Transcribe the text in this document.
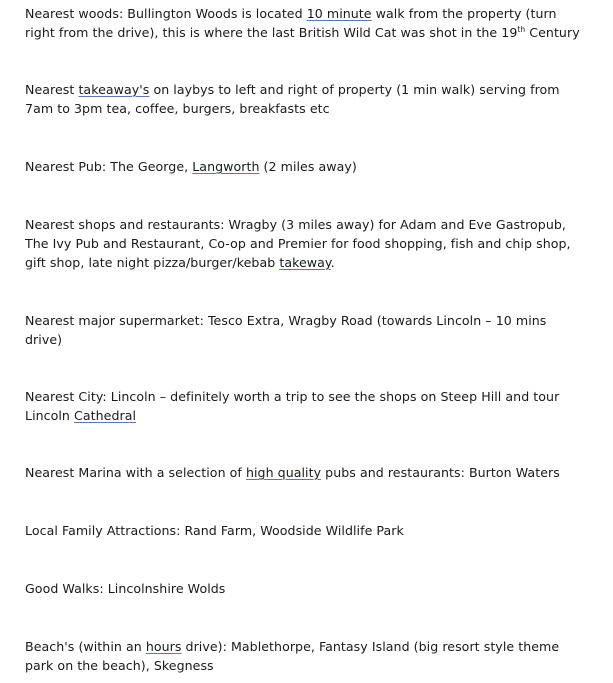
Nearest woods: Bullington Woods is located 10 minute walk from the property (turn
right from the drive), this is where the last British Wild Cat was shot in the 19th Century
Nearest takeaway's on laybys to left and right of property (1 min walk) serving from
7am to 3pm tea, coffee, burgers, breakfasts etc
Nearest Pub: The George, Langworth (2 miles away)
Nearest shops and restaurants: Wragby (3 miles away) for Adam and Eve Gastropub,
The Ivy Pub and Restaurant, Co-op and Premier for food shopping, fish and chip shop,
gift shop, late night pizza/burger/kebab takeway.
Nearest major supermarket: Tesco Extra, Wragby Road (towards Lincoln – 10 mins
drive)
Nearest City: Lincoln – definitely worth a trip to see the shops on Steep Hill and tour
Lincoln Cathedral
Nearest Marina with a selection of high quality pubs and restaurants: Burton Waters
Local Family Attractions: Rand Farm, Woodside Wildlife Park
Good Walks: Lincolnshire Wolds
Beach's (within an hours drive): Mablethorpe, Fantasy Island (big resort style theme
park on the beach), Skegness
